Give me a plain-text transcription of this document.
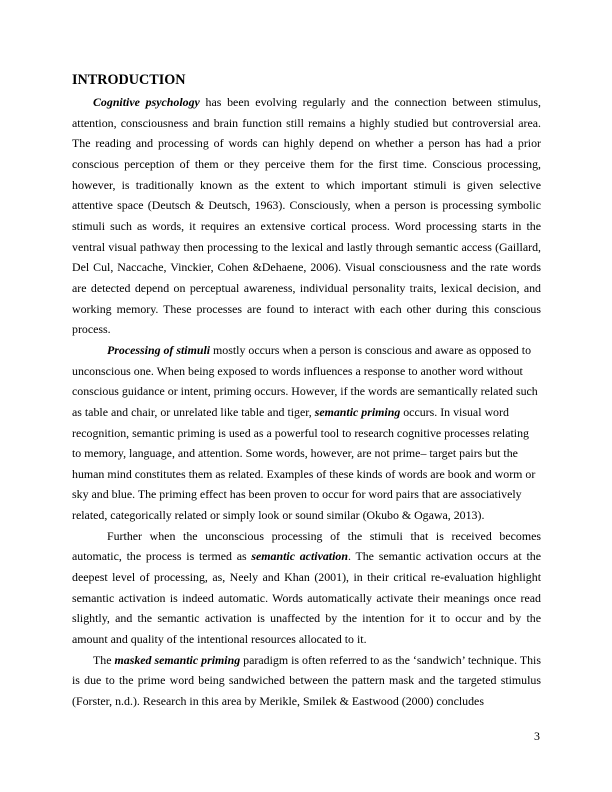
INTRODUCTION

Cognitive psychology has been evolving regularly and the connection between stimulus, attention, consciousness and brain function still remains a highly studied but controversial area. The reading and processing of words can highly depend on whether a person has had a prior conscious perception of them or they perceive them for the first time. Conscious processing, however, is traditionally known as the extent to which important stimuli is given selective attentive space (Deutsch & Deutsch, 1963). Consciously, when a person is processing symbolic stimuli such as words, it requires an extensive cortical process. Word processing starts in the ventral visual pathway then processing to the lexical and lastly through semantic access (Gaillard, Del Cul, Naccache, Vinckier, Cohen &Dehaene, 2006). Visual consciousness and the rate words are detected depend on perceptual awareness, individual personality traits, lexical decision, and working memory. These processes are found to interact with each other during this conscious process.

Processing of stimuli mostly occurs when a person is conscious and aware as opposed to unconscious one. When being exposed to words influences a response to another word without conscious guidance or intent, priming occurs. However, if the words are semantically related such as table and chair, or unrelated like table and tiger, semantic priming occurs. In visual word recognition, semantic priming is used as a powerful tool to research cognitive processes relating to memory, language, and attention. Some words, however, are not prime– target pairs but the human mind constitutes them as related. Examples of these kinds of words are book and worm or sky and blue. The priming effect has been proven to occur for word pairs that are associatively related, categorically related or simply look or sound similar (Okubo & Ogawa, 2013).

Further when the unconscious processing of the stimuli that is received becomes automatic, the process is termed as semantic activation. The semantic activation occurs at the deepest level of processing, as, Neely and Khan (2001), in their critical re-evaluation highlight semantic activation is indeed automatic. Words automatically activate their meanings once read slightly, and the semantic activation is unaffected by the intention for it to occur and by the amount and quality of the intentional resources allocated to it.

The masked semantic priming paradigm is often referred to as the ‘sandwich’ technique. This is due to the prime word being sandwiched between the pattern mask and the targeted stimulus (Forster, n.d.). Research in this area by Merikle, Smilek & Eastwood (2000) concludes

3
